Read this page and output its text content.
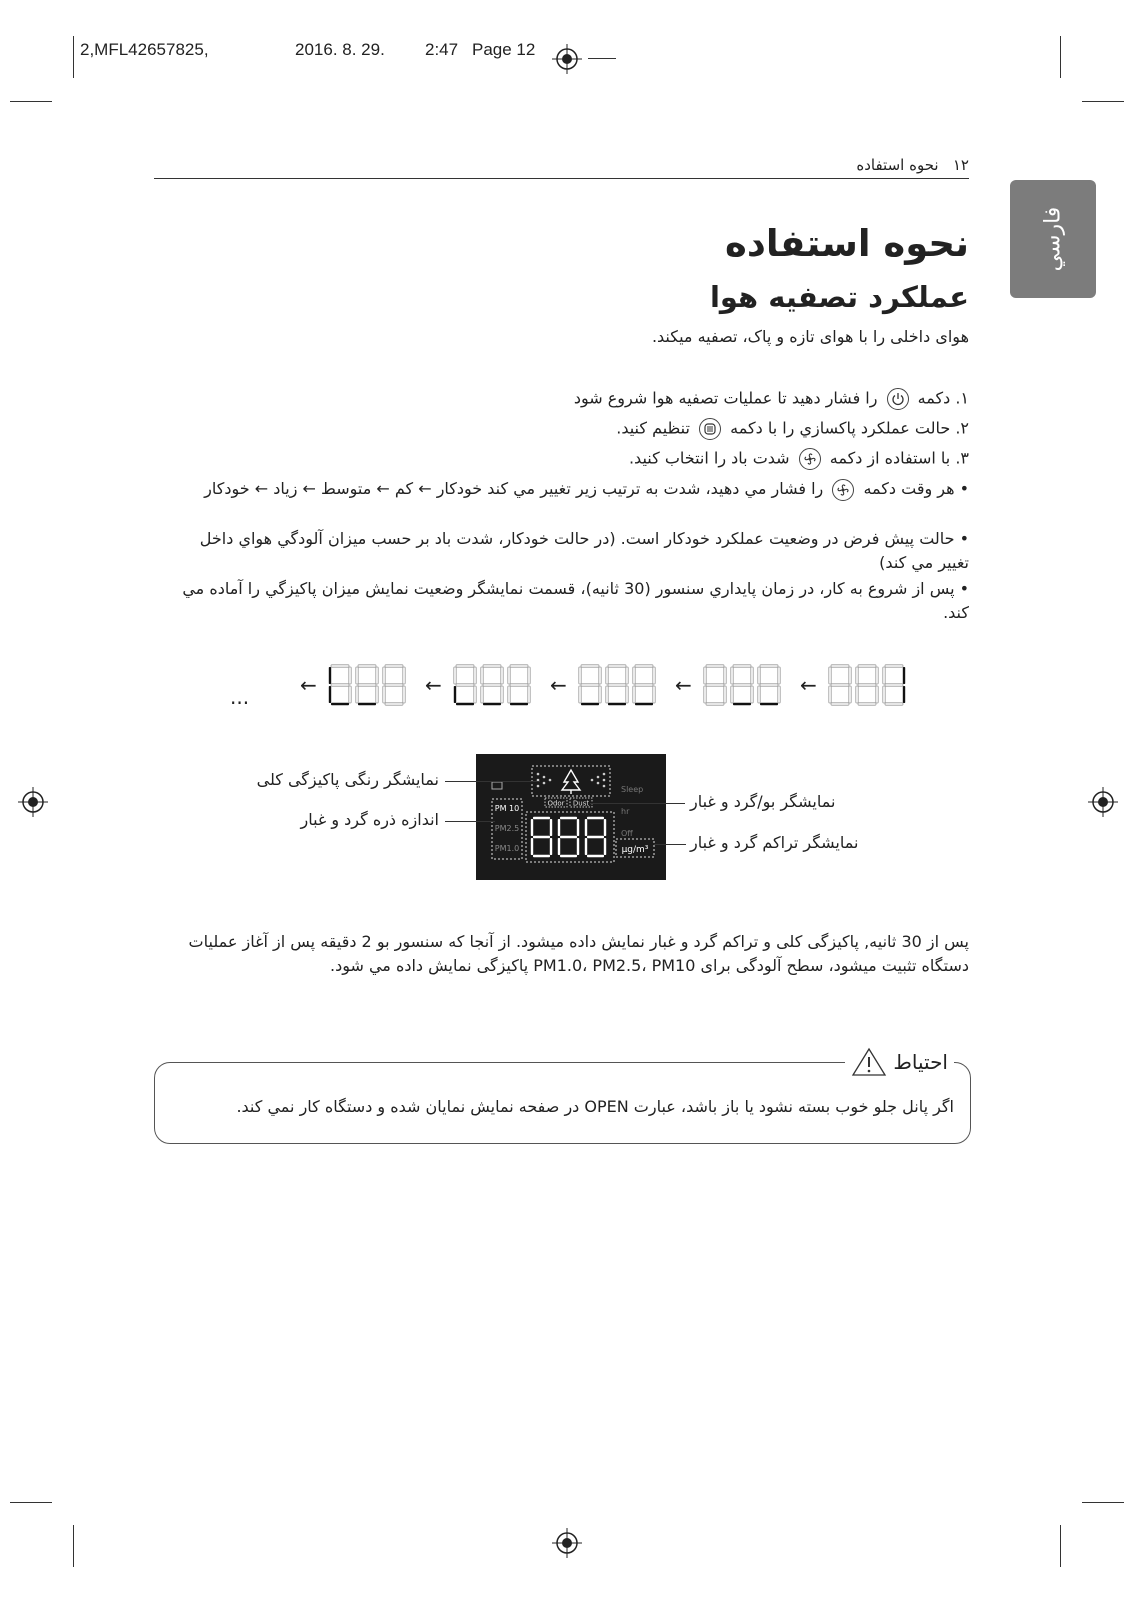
2,MFL42657825,	2016. 8. 29. 2:47 Page 12
فارسي
١٢   نحوه استفاده
نحوه استفاده
عملكرد تصفيه هوا
هوای داخلی را با هوای تازه و پاک، تصفیه میکند.
١. دكمه
را فشار دهيد تا عمليات تصفيه هوا شروع شود
٢. حالت عملكرد پاكسازي را با دكمه
تنظيم كنيد.
٣. با استفاده از دكمه
شدت باد را انتخاب كنيد.
•هر وقت دكمه
را فشار مي دهيد، شدت به ترتيب زير تغيير مي كند خودكار ← كم ← متوسط ← زياد ← خودكار
•حالت پيش فرض در وضعيت عملكرد خودكار است. (در حالت خودكار، شدت باد بر حسب ميزان آلودگي هواي داخل تغيير مي كند)
•پس از شروع به كار، در زمان پايداري سنسور (30 ثانيه)، قسمت نمايشگر وضعيت نمايش ميزان پاكيزگي را آماده مي كند.
←
←
←
←
←
...
Odor Dust
PM 10
PM2.5
PM1.0	µg/m³
Sleep
hr
Off
نمايشگر رنگی پاكيزگی كلی
اندازه ذره گرد و غبار
نمايشگر بو/گرد و غبار
نمايشگر تراكم گرد و غبار
پس از 30 ثانیه, پاکیزگی کلی و تراکم گرد و غبار نمایش داده میشود. از آنجا که سنسور بو 2 دقیقه پس از آغاز عملیات دستگاه تثبیت میشود، سطح آلودگی برای PM1.0، PM2.5، PM10 پاکیزگی نمایش داده مي شود.
احتياط
اگر پانل جلو خوب بسته نشود يا باز باشد، عبارت OPEN در صفحه نمايش نمايان شده و دستگاه كار نمي كند.
